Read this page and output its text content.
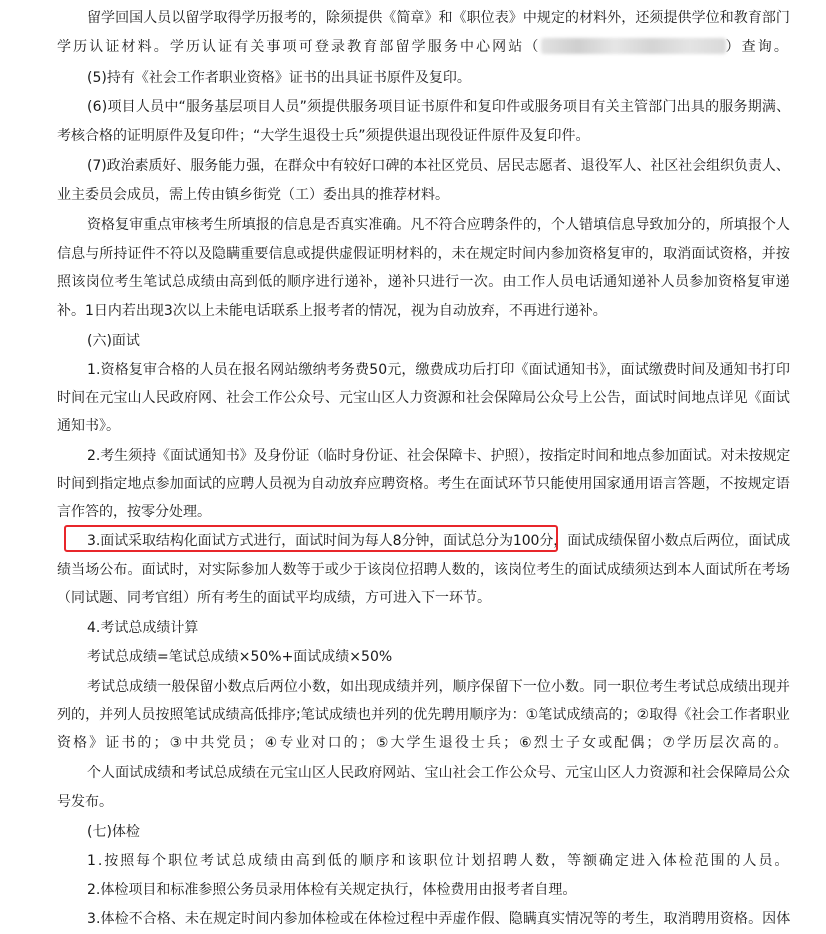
留学回国人员以留学取得学历报考的，除须提供《简章》和《职位表》中规定的材料外，还须提供学位和教育部门
学历认证材料。学历认证有关事项可登录教育部留学服务中心网站（	）查询。
(5)持有《社会工作者职业资格》证书的出具证书原件及复印。
(6)项目人员中“服务基层项目人员”须提供服务项目证书原件和复印件或服务项目有关主管部门出具的服务期满、
考核合格的证明原件及复印件；“大学生退役士兵”须提供退出现役证件原件及复印件。
(7)政治素质好、服务能力强，在群众中有较好口碑的本社区党员、居民志愿者、退役军人、社区社会组织负责人、
业主委员会成员，需上传由镇乡街党（工）委出具的推荐材料。
资格复审重点审核考生所填报的信息是否真实准确。凡不符合应聘条件的，个人错填信息导致加分的，所填报个人
信息与所持证件不符以及隐瞒重要信息或提供虚假证明材料的，未在规定时间内参加资格复审的，取消面试资格，并按
照该岗位考生笔试总成绩由高到低的顺序进行递补，递补只进行一次。由工作人员电话通知递补人员参加资格复审递
补。1日内若出现3次以上未能电话联系上报考者的情况，视为自动放弃，不再进行递补。
(六)面试
1.资格复审合格的人员在报名网站缴纳考务费50元，缴费成功后打印《面试通知书》，面试缴费时间及通知书打印
时间在元宝山人民政府网、社会工作公众号、元宝山区人力资源和社会保障局公众号上公告，面试时间地点详见《面试
通知书》。
2.考生须持《面试通知书》及身份证（临时身份证、社会保障卡、护照），按指定时间和地点参加面试。对未按规定
时间到指定地点参加面试的应聘人员视为自动放弃应聘资格。考生在面试环节只能使用国家通用语言答题，不按规定语
言作答的，按零分处理。
3.面试采取结构化面试方式进行，面试时间为每人8分钟，面试总分为100分，面试成绩保留小数点后两位，面试成
绩当场公布。面试时，对实际参加人数等于或少于该岗位招聘人数的，该岗位考生的面试成绩须达到本人面试所在考场
（同试题、同考官组）所有考生的面试平均成绩，方可进入下一环节。
4.考试总成绩计算
考试总成绩=笔试总成绩×50%+面试成绩×50%
考试总成绩一般保留小数点后两位小数，如出现成绩并列，顺序保留下一位小数。同一职位考生考试总成绩出现并
列的，并列人员按照笔试成绩高低排序;笔试成绩也并列的优先聘用顺序为：①笔试成绩高的；②取得《社会工作者职业
资格》证书的；③中共党员；④专业对口的；⑤大学生退役士兵；⑥烈士子女或配偶；⑦学历层次高的。
个人面试成绩和考试总成绩在元宝山区人民政府网站、宝山社会工作公众号、元宝山区人力资源和社会保障局公众
号发布。
(七)体检
1.按照每个职位考试总成绩由高到低的顺序和该职位计划招聘人数，等额确定进入体检范围的人员。
2.体检项目和标准参照公务员录用体检有关规定执行，体检费用由报考者自理。
3.体检不合格、未在规定时间内参加体检或在体检过程中弄虚作假、隐瞒真实情况等的考生，取消聘用资格。因体
